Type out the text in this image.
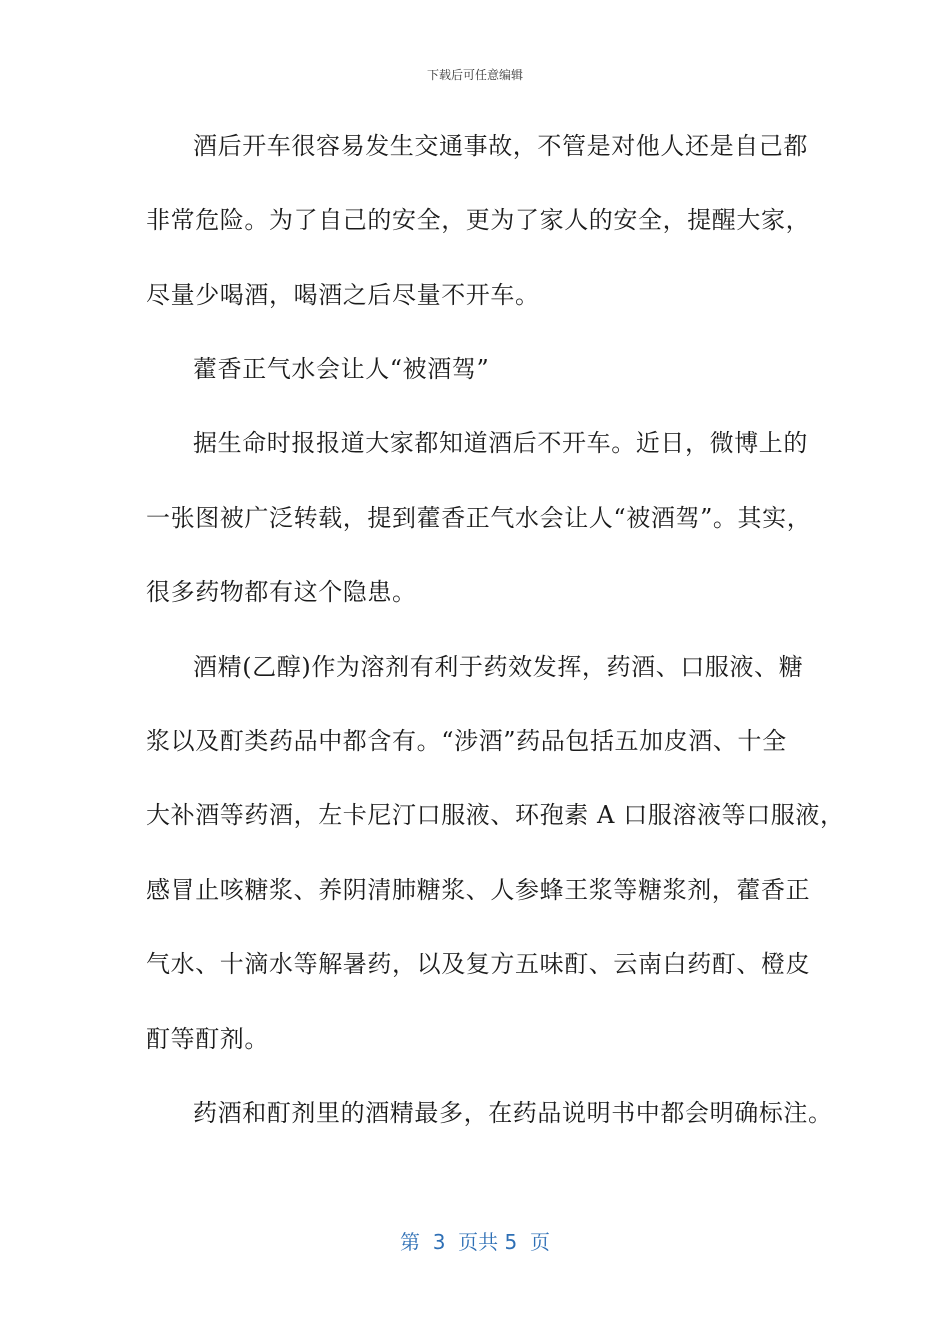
下载后可任意编辑
酒后开车很容易发生交通事故，不管是对他人还是自己都
非常危险。为了自己的安全，更为了家人的安全，提醒大家，
尽量少喝酒，喝酒之后尽量不开车。
藿香正气水会让人“被酒驾”
据生命时报报道大家都知道酒后不开车。近日，微博上的
一张图被广泛转载，提到藿香正气水会让人“被酒驾”。其实，
很多药物都有这个隐患。
酒精(乙醇)作为溶剂有利于药效发挥，药酒、口服液、糖
浆以及酊类药品中都含有。“涉酒”药品包括五加皮酒、十全
大补酒等药酒，左卡尼汀口服液、环孢素 A 口服溶液等口服液，
感冒止咳糖浆、养阴清肺糖浆、人参蜂王浆等糖浆剂，藿香正
气水、十滴水等解暑药，以及复方五味酊、云南白药酊、橙皮
酊等酊剂。
药酒和酊剂里的酒精最多，在药品说明书中都会明确标注。
第  3  页共 5  页
